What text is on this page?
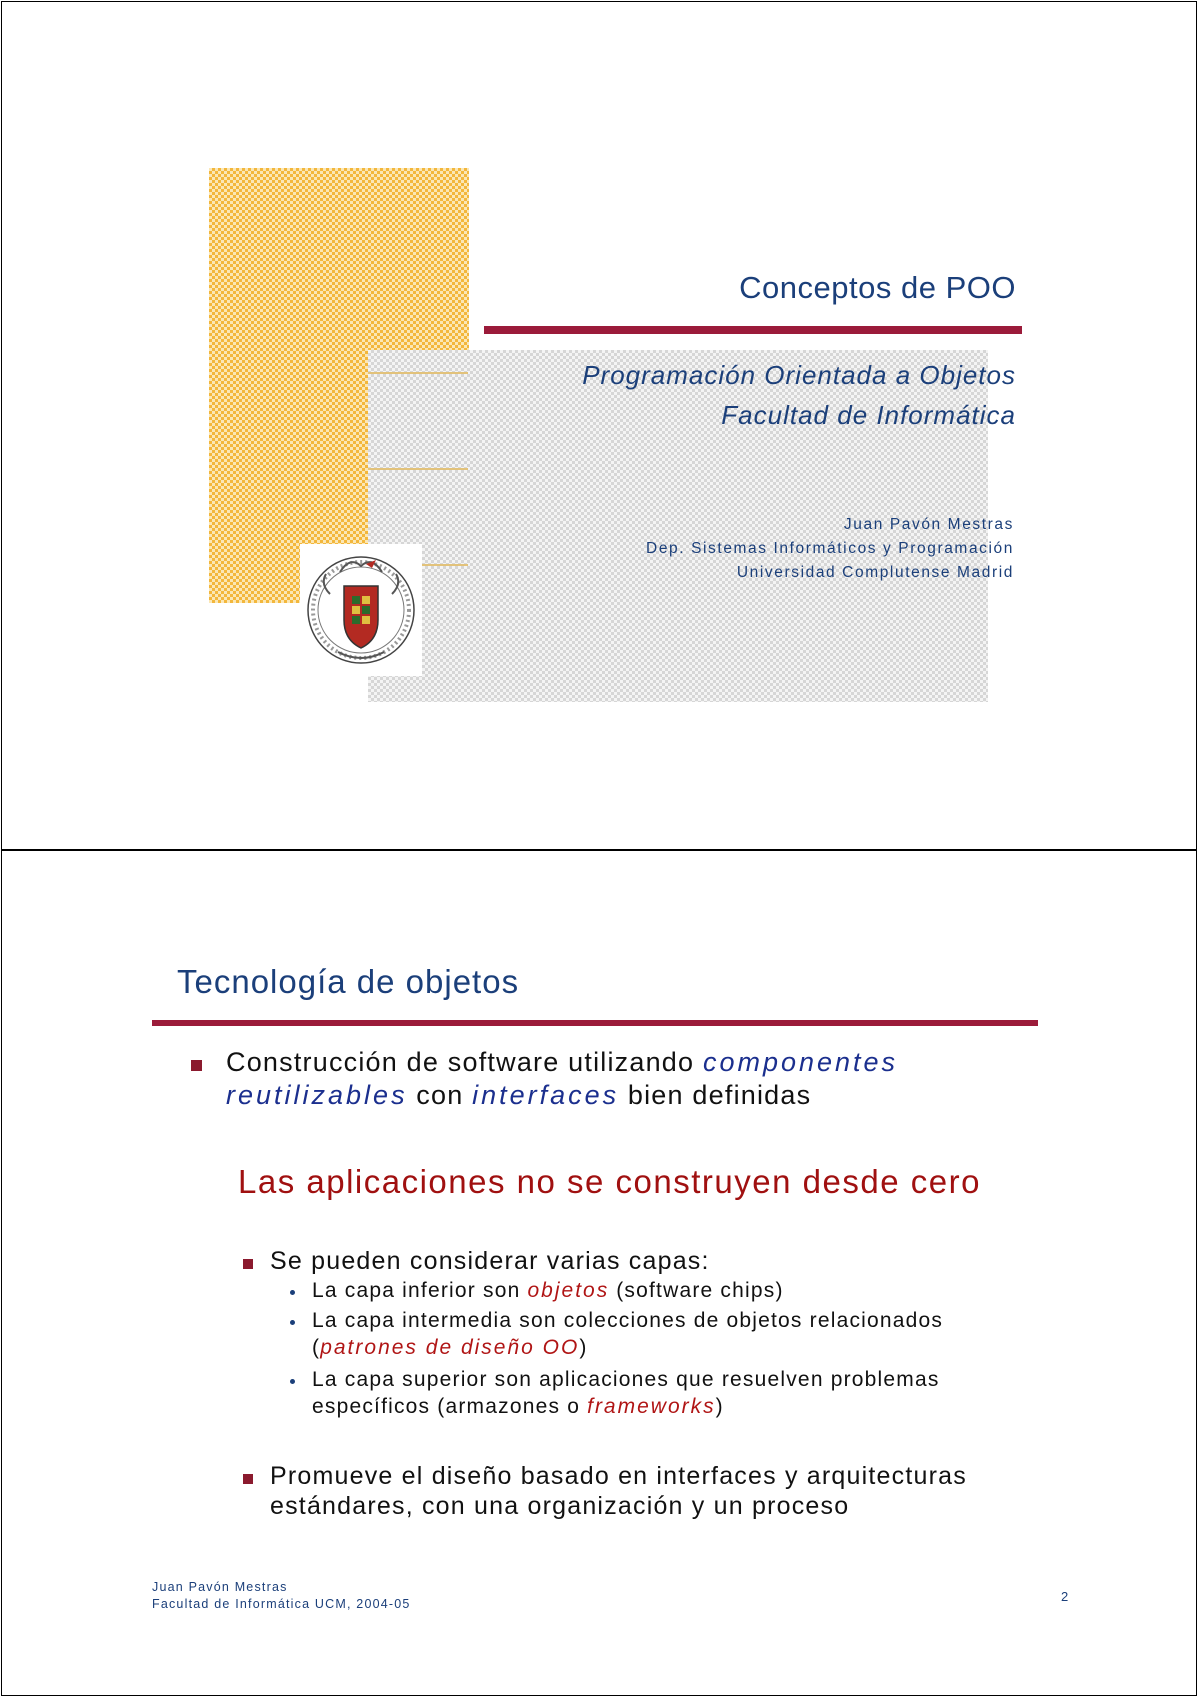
Conceptos de POO
Programación Orientada a Objetos
Facultad de Informática
Juan Pavón Mestras
Dep. Sistemas Informáticos y Programación
Universidad Complutense Madrid
Tecnología de objetos
Construcción de software utilizando componentes
reutilizables con interfaces bien definidas
Las aplicaciones no se construyen desde cero
Se pueden considerar varias capas:
La capa inferior son objetos (software chips)
La capa intermedia son colecciones de objetos relacionados
(patrones de diseño OO)
La capa superior son aplicaciones que resuelven problemas
específicos (armazones o frameworks)
Promueve el diseño basado en interfaces y arquitecturas
estándares, con una organización y un proceso
Juan Pavón Mestras
Facultad de Informática UCM, 2004-05	2
